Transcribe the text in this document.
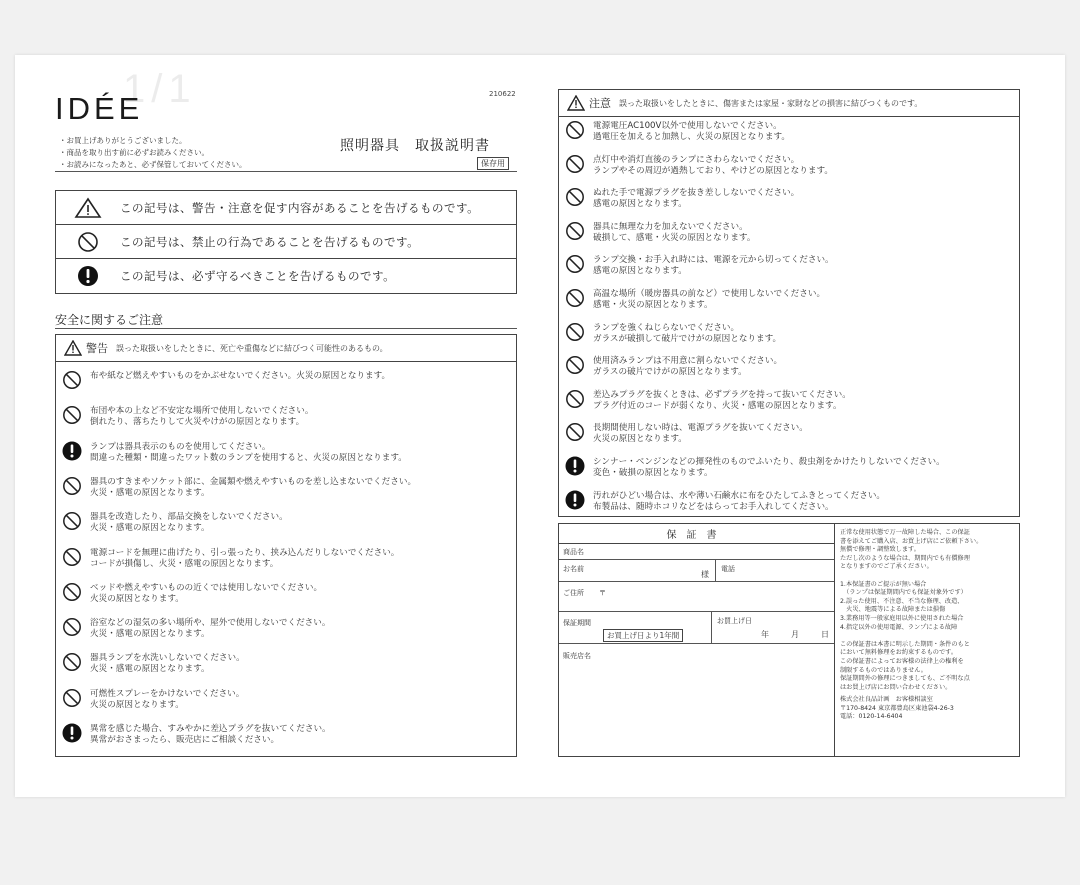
1/1
IDÉE	210622
・お買上げありがとうございました。
・商品を取り出す前に必ずお読みください。
・お読みになったあと、必ず保管しておいてください。
照明器具　取扱説明書
保存用
この記号は、警告・注意を促す内容があることを告げるものです。
この記号は、禁止の行為であることを告げるものです。
この記号は、必ず守るべきことを告げるものです。
安全に関するご注意
警告 誤った取扱いをしたときに、死亡や重傷などに結びつく可能性のあるもの。
布や紙など燃えやすいものをかぶせないでください。火災の原因となります。
布団や本の上など不安定な場所で使用しないでください。
倒れたり、落ちたりして火災やけがの原因となります。
ランプは器具表示のものを使用してください。
間違った種類・間違ったワット数のランプを使用すると、火災の原因となります。
器具のすきまやソケット部に、金属類や燃えやすいものを差し込まないでください。
火災・感電の原因となります。
器具を改造したり、部品交換をしないでください。
火災・感電の原因となります。
電源コードを無理に曲げたり、引っ張ったり、挟み込んだりしないでください。
コードが損傷し、火災・感電の原因となります。
ベッドや燃えやすいものの近くでは使用しないでください。
火災の原因となります。
浴室などの湿気の多い場所や、屋外で使用しないでください。
火災・感電の原因となります。
器具ランプを水洗いしないでください。
火災・感電の原因となります。
可燃性スプレーをかけないでください。
火災の原因となります。
異常を感じた場合、すみやかに差込プラグを抜いてください。
異常がおさまったら、販売店にご相談ください。
注意 誤った取扱いをしたときに、傷害または家屋・家財などの損害に結びつくものです。
電源電圧AC100V以外で使用しないでください。
過電圧を加えると加熱し、火災の原因となります。
点灯中や消灯直後のランプにさわらないでください。
ランプやその周辺が過熱しており、やけどの原因となります。
ぬれた手で電源プラグを抜き差ししないでください。
感電の原因となります。
器具に無理な力を加えないでください。
破損して、感電・火災の原因となります。
ランプ交換・お手入れ時には、電源を元から切ってください。
感電の原因となります。
高温な場所（暖房器具の前など）で使用しないでください。
感電・火災の原因となります。
ランプを強くねじらないでください。
ガラスが破損して破片でけがの原因となります。
使用済みランプは不用意に割らないでください。
ガラスの破片でけがの原因となります。
差込みプラグを抜くときは、必ずプラグを持って抜いてください。
プラグ付近のコードが弱くなり、火災・感電の原因となります。
長期間使用しない時は、電源プラグを抜いてください。
火災の原因となります。
シンナー・ベンジンなどの揮発性のものでふいたり、殺虫剤をかけたりしないでください。
変色・破損の原因となります。
汚れがひどい場合は、水や薄い石鹸水に布をひたしてふきとってください。
布製品は、随時ホコリなどをはらってお手入れしてください。
保証書
商品名
お名前
様
電話
ご住所 〒
保証期間
お買上げ日より1年間
お買上げ日
年	月	日
販売店名
正常な使用状態で万一故障した場合、この保証
書を添えてご購入店、お買上げ店にご依頼下さい。
無償で修理・調整致します。
ただし次のような場合は、期間内でも有償修理
となりますのでご了承ください。

1.本保証書のご提示が無い場合
　（ランプは保証期間内でも保証対象外です）
2.誤った使用、不注意、不当な修理、改造、
　火災、地震等による故障または損傷
3.業務用等一般家庭用以外に使用された場合
4.指定以外の使用電源、ランプによる故障

この保証書は本書に明示した期間・条件のもと
において無料修理をお約束するものです。
この保証書によってお客様の法律上の権利を
制限するものではありません。
保証期間外の修理につきましても、ご不明な点
はお買上げ店にお問い合わせください。
株式会社良品計画　お客様相談室
〒170-8424 東京都豊島区東池袋4-26-3
電話：0120-14-6404
